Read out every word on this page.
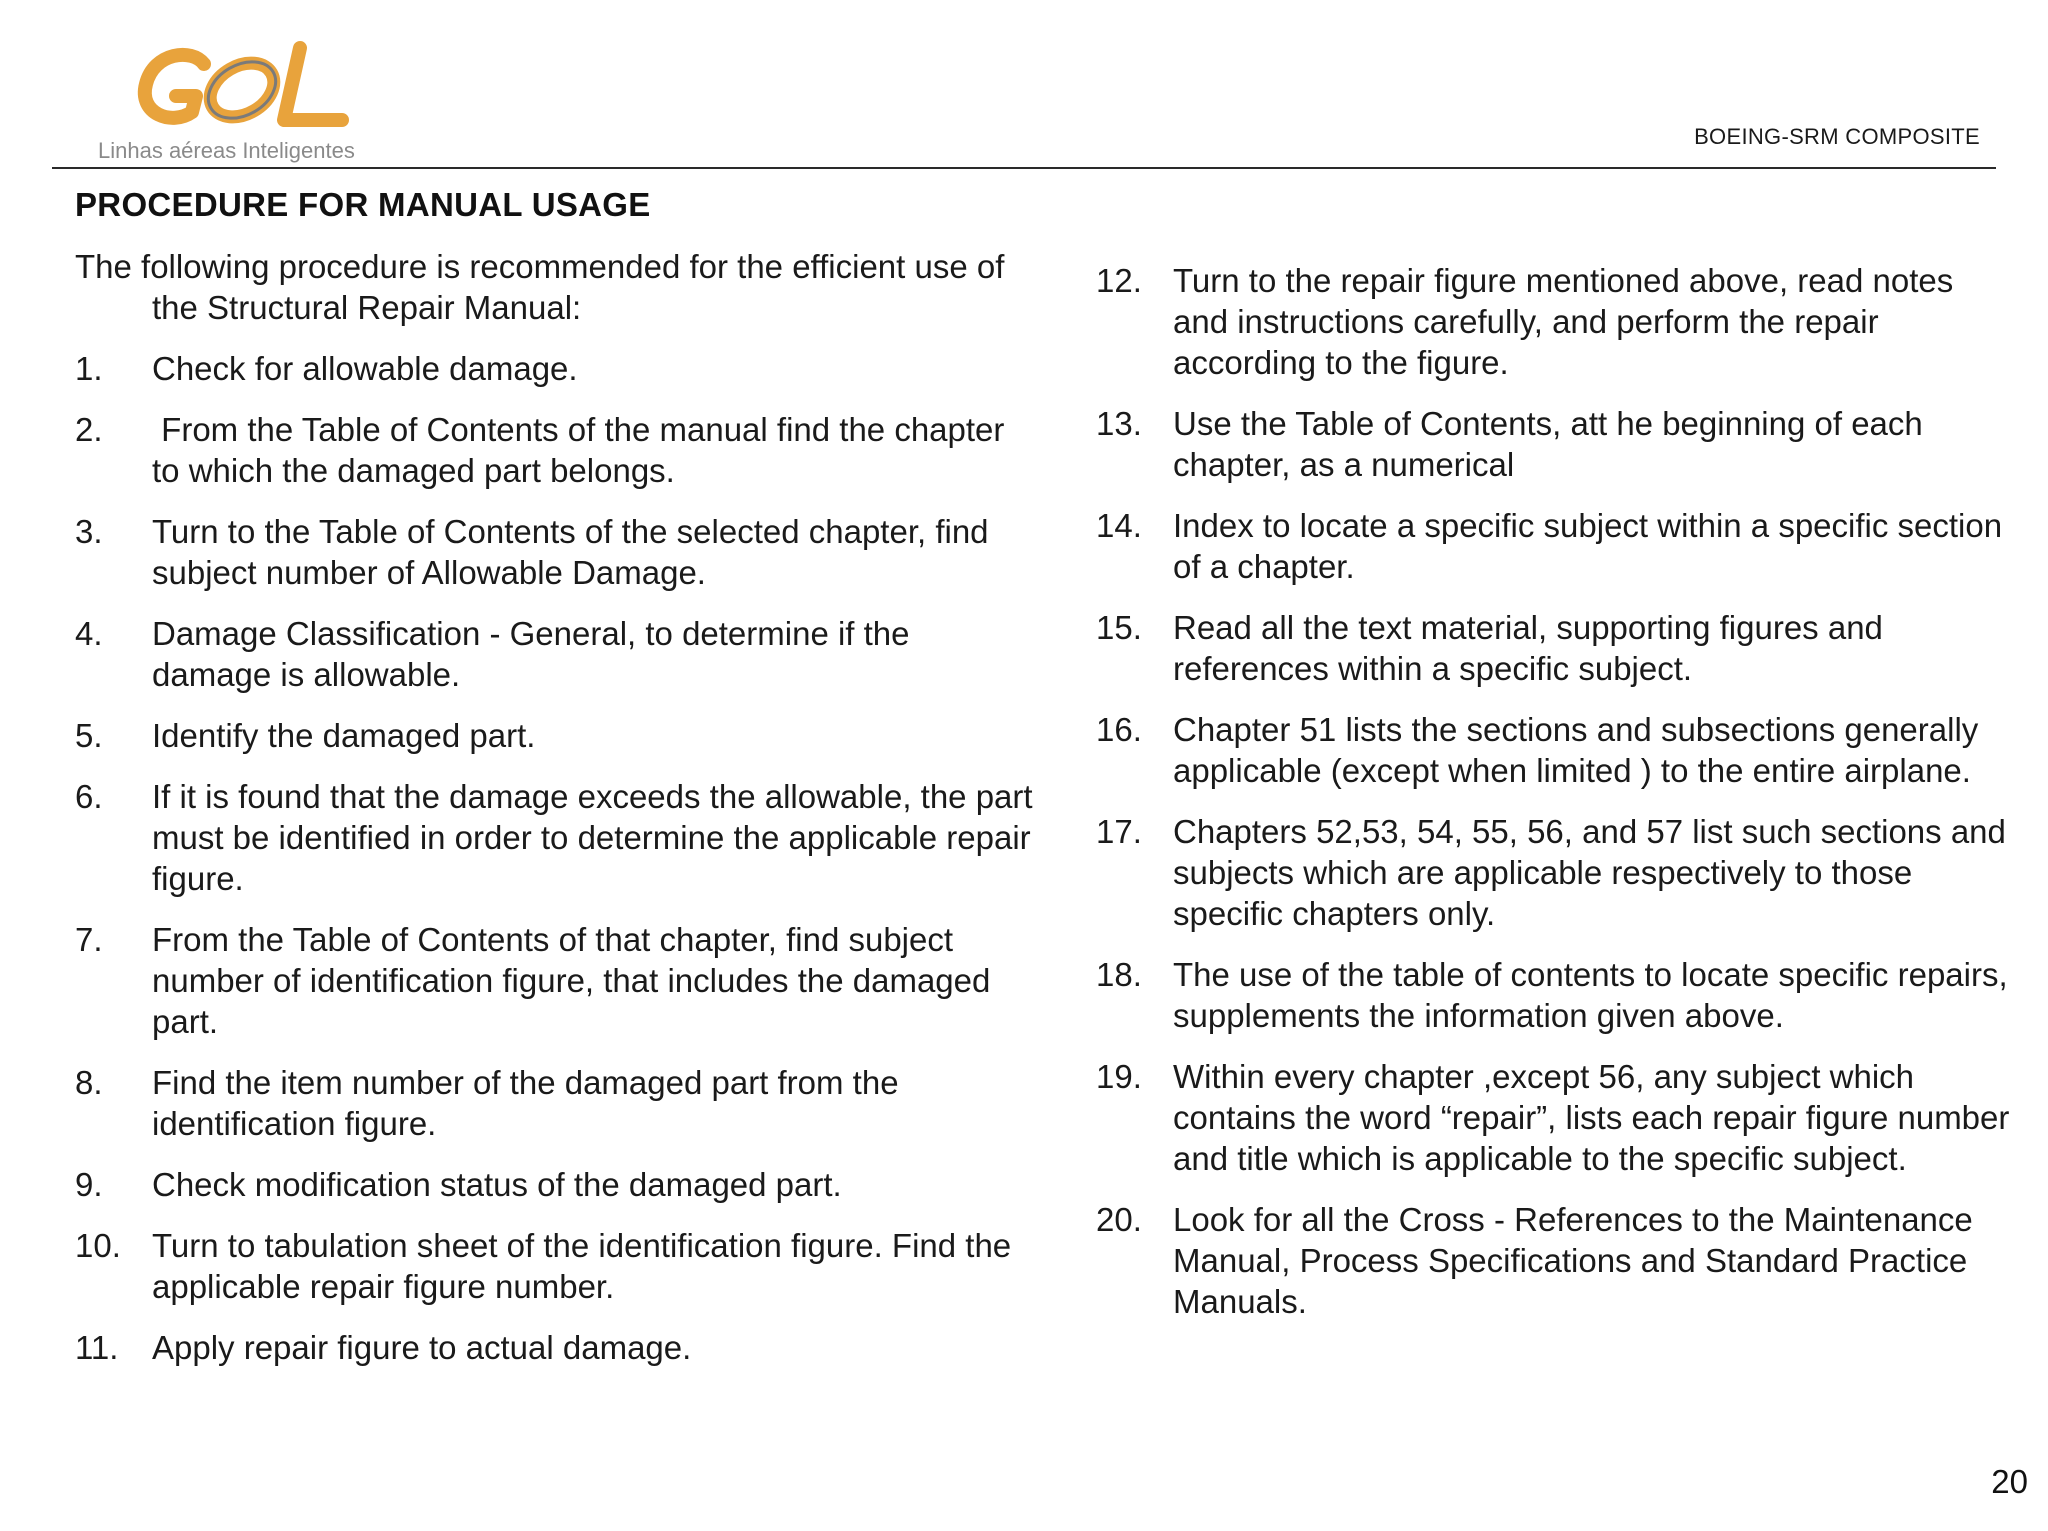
Linhas aéreas Inteligentes
BOEING-SRM COMPOSITE
PROCEDURE FOR MANUAL USAGE

The following procedure is recommended for the efficient use of the Structural Repair Manual:

1. Check for allowable damage.
2. From the Table of Contents of the manual find the chapter to which the damaged part belongs.
3. Turn to the Table of Contents of the selected chapter, find subject number of Allowable Damage.
4. Damage Classification - General, to determine if the damage is allowable.
5. Identify the damaged part.
6. If it is found that the damage exceeds the allowable, the part must be identified in order to determine the applicable repair figure.
7. From the Table of Contents of that chapter, find subject number of identification figure, that includes the damaged part.
8. Find the item number of the damaged part from the identification figure.
9. Check modification status of the damaged part.
10. Turn to tabulation sheet of the identification figure. Find the applicable repair figure number.
11. Apply repair figure to actual damage.
12. Turn to the repair figure mentioned above, read notes and instructions carefully, and perform the repair according to the figure.
13. Use the Table of Contents, att he beginning of each chapter, as a numerical
14. Index to locate a specific subject within a specific section of a chapter.
15. Read all the text material, supporting figures and references within a specific subject.
16. Chapter 51 lists the sections and subsections generally applicable (except when limited ) to the entire airplane.
17. Chapters 52,53, 54, 55, 56, and 57 list such sections and subjects which are applicable respectively to those specific chapters only.
18. The use of the table of contents to locate specific repairs, supplements the information given above.
19. Within every chapter ,except 56, any subject which contains the word “repair”, lists each repair figure number and title which is applicable to the specific subject.
20. Look for all the Cross - References to the Maintenance Manual, Process Specifications and Standard Practice Manuals.
20
